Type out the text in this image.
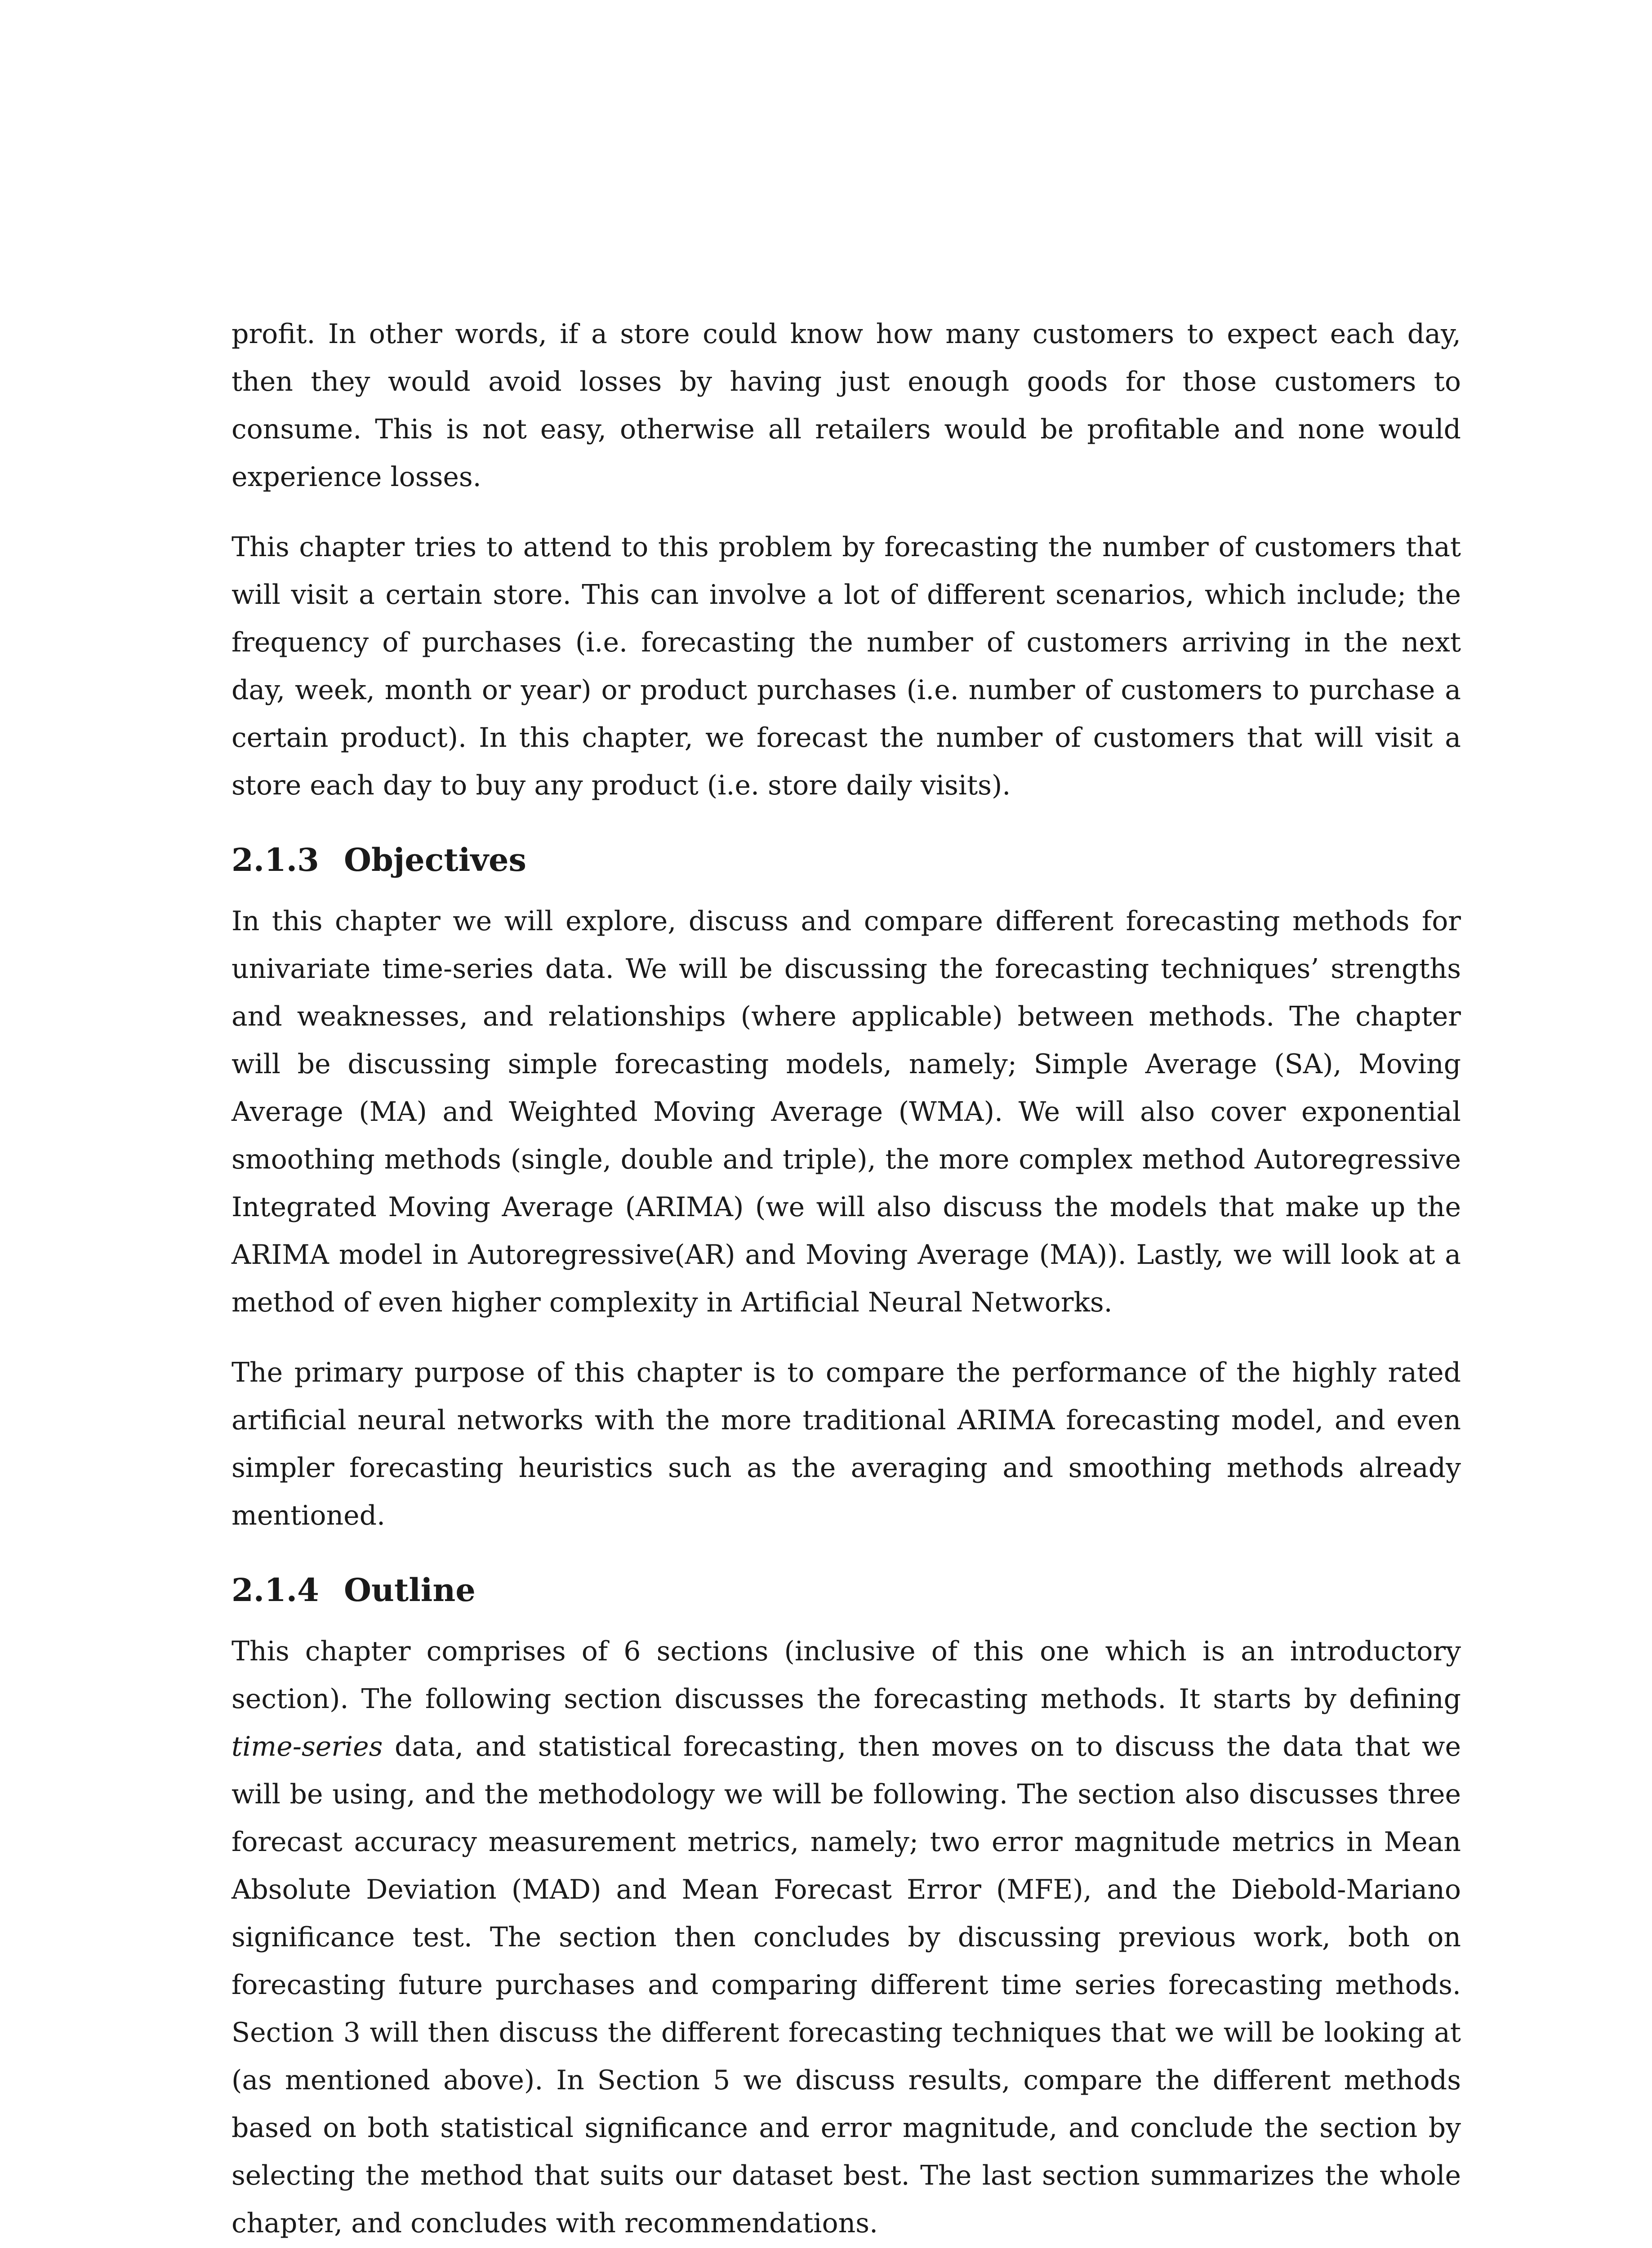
profit. In other words, if a store could know how many customers to expect each day, then they would avoid losses by having just enough goods for those customers to consume. This is not easy, otherwise all retailers would be profitable and none would experience losses.

This chapter tries to attend to this problem by forecasting the number of customers that will visit a certain store. This can involve a lot of different scenarios, which include; the frequency of purchases (i.e. forecasting the number of customers arriving in the next day, week, month or year) or product purchases (i.e. number of customers to purchase a certain product). In this chapter, we forecast the number of customers that will visit a store each day to buy any product (i.e. store daily visits).

2.1.3 Objectives

In this chapter we will explore, discuss and compare different forecasting methods for univariate time-series data. We will be discussing the forecasting techniques’ strengths and weaknesses, and relationships (where applicable) between methods. The chapter will be discussing simple forecasting models, namely; Simple Average (SA), Moving Average (MA) and Weighted Moving Average (WMA). We will also cover exponential smoothing methods (single, double and triple), the more complex method Autoregressive Integrated Moving Average (ARIMA) (we will also discuss the models that make up the ARIMA model in Autoregressive(AR) and Moving Average (MA)). Lastly, we will look at a method of even higher complexity in Artificial Neural Networks.

The primary purpose of this chapter is to compare the performance of the highly rated artificial neural networks with the more traditional ARIMA forecasting model, and even simpler forecasting heuristics such as the averaging and smoothing methods already mentioned.

2.1.4 Outline

This chapter comprises of 6 sections (inclusive of this one which is an introductory section). The following section discusses the forecasting methods. It starts by defining time-series data, and statistical forecasting, then moves on to discuss the data that we will be using, and the methodology we will be following. The section also discusses three forecast accuracy measurement metrics, namely; two error magnitude metrics in Mean Absolute Deviation (MAD) and Mean Forecast Error (MFE), and the Diebold-Mariano significance test. The section then concludes by discussing previous work, both on forecasting future purchases and comparing different time series forecasting methods. Section 3 will then discuss the different forecasting techniques that we will be looking at (as mentioned above). In Section 5 we discuss results, compare the different methods based on both statistical significance and error magnitude, and conclude the section by selecting the method that suits our dataset best. The last section summarizes the whole chapter, and concludes with recommendations.
